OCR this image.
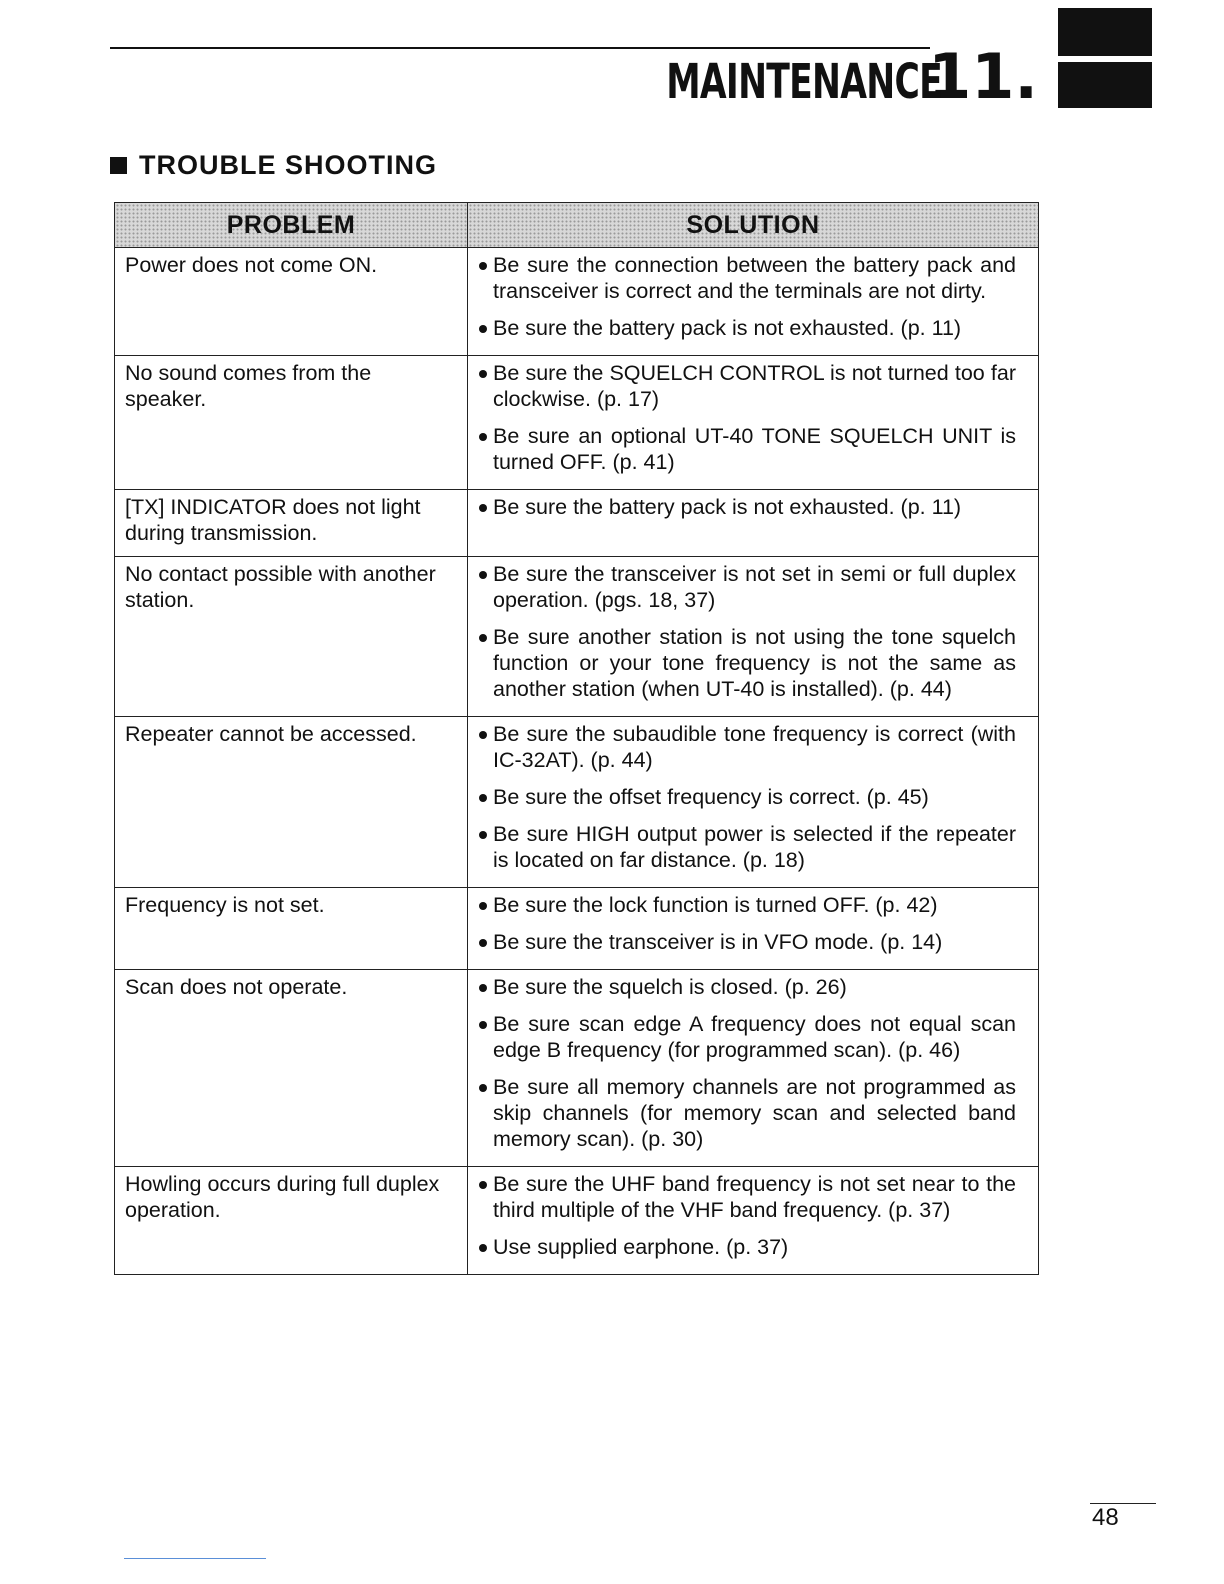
MAINTENANCE
11.
TROUBLE SHOOTING
PROBLEM	SOLUTION
Power does not come ON.	Be sure the connection between the battery pack and transceiver is correct and the terminals are not dirty.
Be sure the battery pack is not exhausted. (p. 11)

No sound comes from the speaker.	Be sure the SQUELCH CONTROL is not turned too far clockwise. (p. 17)
Be sure an optional UT-40 TONE SQUELCH UNIT is turned OFF. (p. 41)

[TX] INDICATOR does not light during transmission.	Be sure the battery pack is not exhausted. (p. 11)

No contact possible with another station.	Be sure the transceiver is not set in semi or full duplex operation. (pgs. 18, 37)
Be sure another station is not using the tone squelch function or your tone frequency is not the same as another station (when UT-40 is installed). (p. 44)

Repeater cannot be accessed.	Be sure the subaudible tone frequency is correct (with IC-32AT). (p. 44)
Be sure the offset frequency is correct. (p. 45)
Be sure HIGH output power is selected if the repeater is located on far distance. (p. 18)

Frequency is not set.	Be sure the lock function is turned OFF. (p. 42)
Be sure the transceiver is in VFO mode. (p. 14)

Scan does not operate.	Be sure the squelch is closed. (p. 26)
Be sure scan edge A frequency does not equal scan edge B frequency (for programmed scan). (p. 46)
Be sure all memory channels are not programmed as skip channels (for memory scan and selected band memory scan). (p. 30)

Howling occurs during full duplex operation.	Be sure the UHF band frequency is not set near to the third multiple of the VHF band frequency. (p. 37)
Use supplied earphone. (p. 37)
48
